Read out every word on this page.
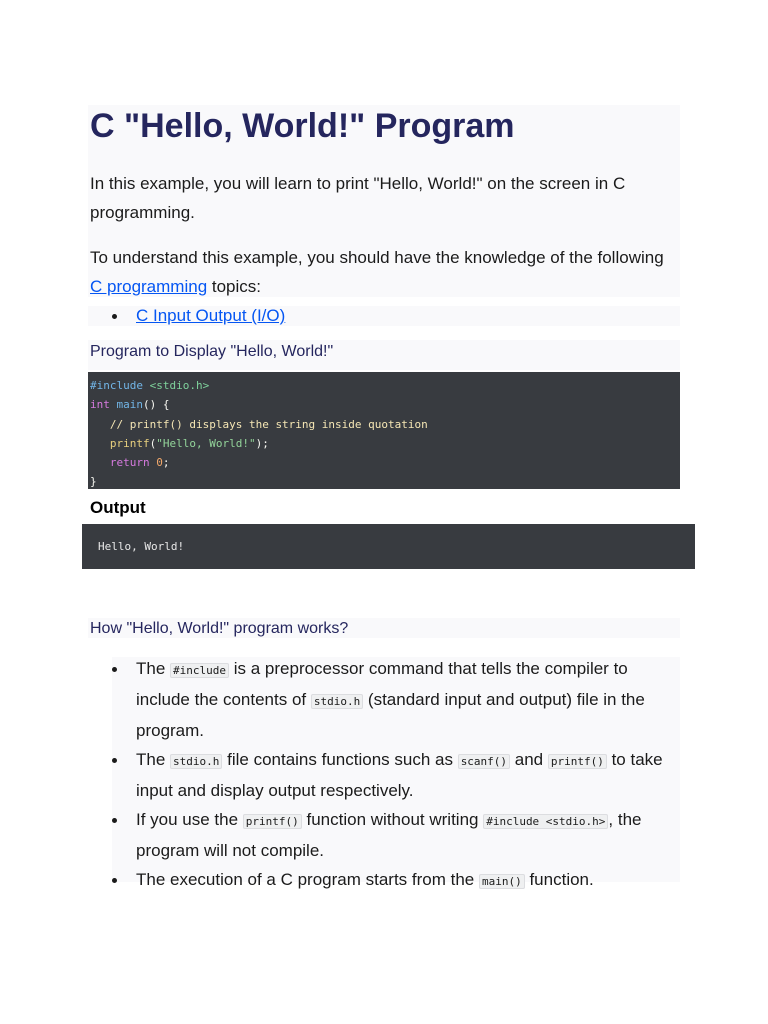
C "Hello, World!" Program

In this example, you will learn to print "Hello, World!" on the screen in C programming.

To understand this example, you should have the knowledge of the following C programming topics:

C Input Output (I/O)
Program to Display "Hello, World!"
#include <stdio.h>
int main() {
// printf() displays the string inside quotation
printf("Hello, World!");
return 0;
}
Output
Hello, World!
How "Hello, World!" program works?
The #include is a preprocessor command that tells the compiler to include the contents of stdio.h (standard input and output) file in the program.
The stdio.h file contains functions such as scanf() and printf() to take input and display output respectively.
If you use the printf() function without writing #include <stdio.h> , the program will not compile.
The execution of a C program starts from the main() function.
